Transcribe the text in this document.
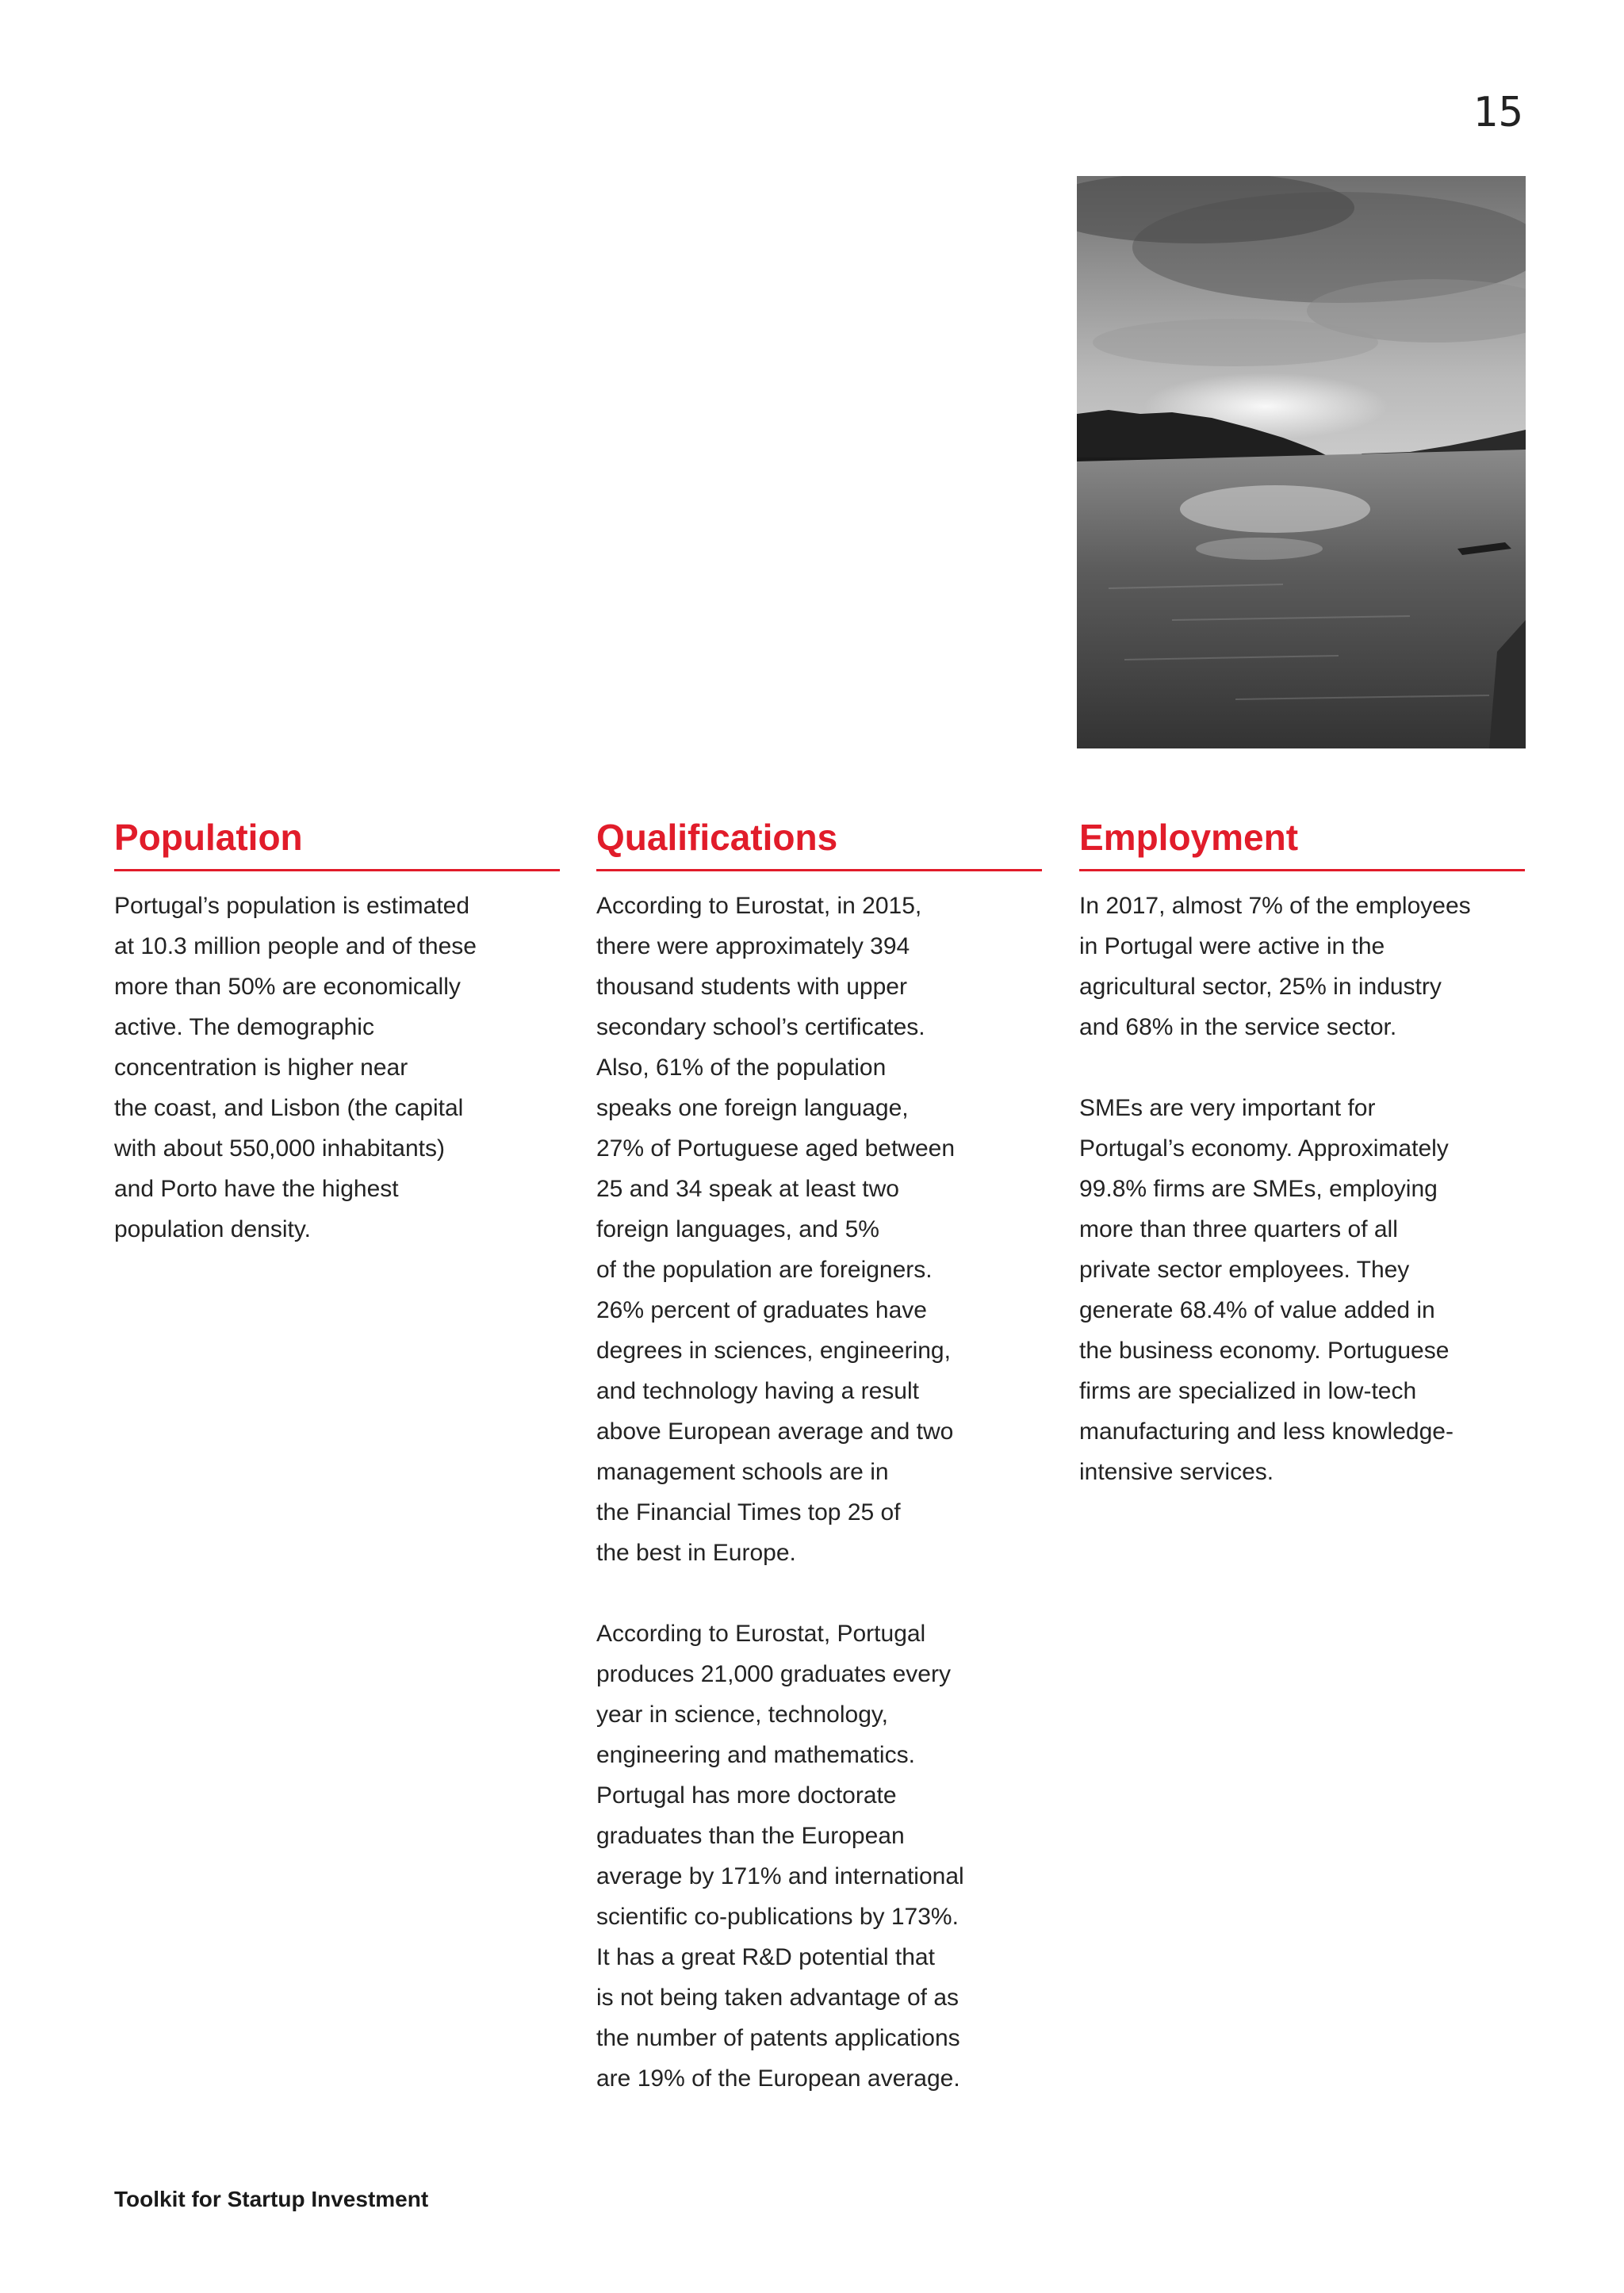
15
Population

Portugal’s population is estimated
at 10.3 million people and of these
more than 50% are economically
active. The demographic
concentration is higher near
the coast, and Lisbon (the capital
with about 550,000 inhabitants)
and Porto have the highest
population density.

Qualifications

According to Eurostat, in 2015,
there were approximately 394
thousand students with upper
secondary school’s certificates.
Also, 61% of the population
speaks one foreign language,
27% of Portuguese aged between
25 and 34 speak at least two
foreign languages, and 5%
of the population are foreigners.
26% percent of graduates have
degrees in sciences, engineering,
and technology having a result
above European average and two
management schools are in
the Financial Times top 25 of
the best in Europe.

According to Eurostat, Portugal
produces 21,000 graduates every
year in science, technology,
engineering and mathematics.
Portugal has more doctorate
graduates than the European
average by 171% and international
scientific co-publications by 173%.
It has a great R&D potential that
is not being taken advantage of as
the number of patents applications
are 19% of the European average.

Employment

In 2017, almost 7% of the employees
in Portugal were active in the
agricultural sector, 25% in industry
and 68% in the service sector.

SMEs are very important for
Portugal’s economy. Approximately
99.8% firms are SMEs, employing
more than three quarters of all
private sector employees. They
generate 68.4% of value added in
the business economy. Portuguese
firms are specialized in low-tech
manufacturing and less knowledge-
intensive services.

Toolkit for Startup Investment
